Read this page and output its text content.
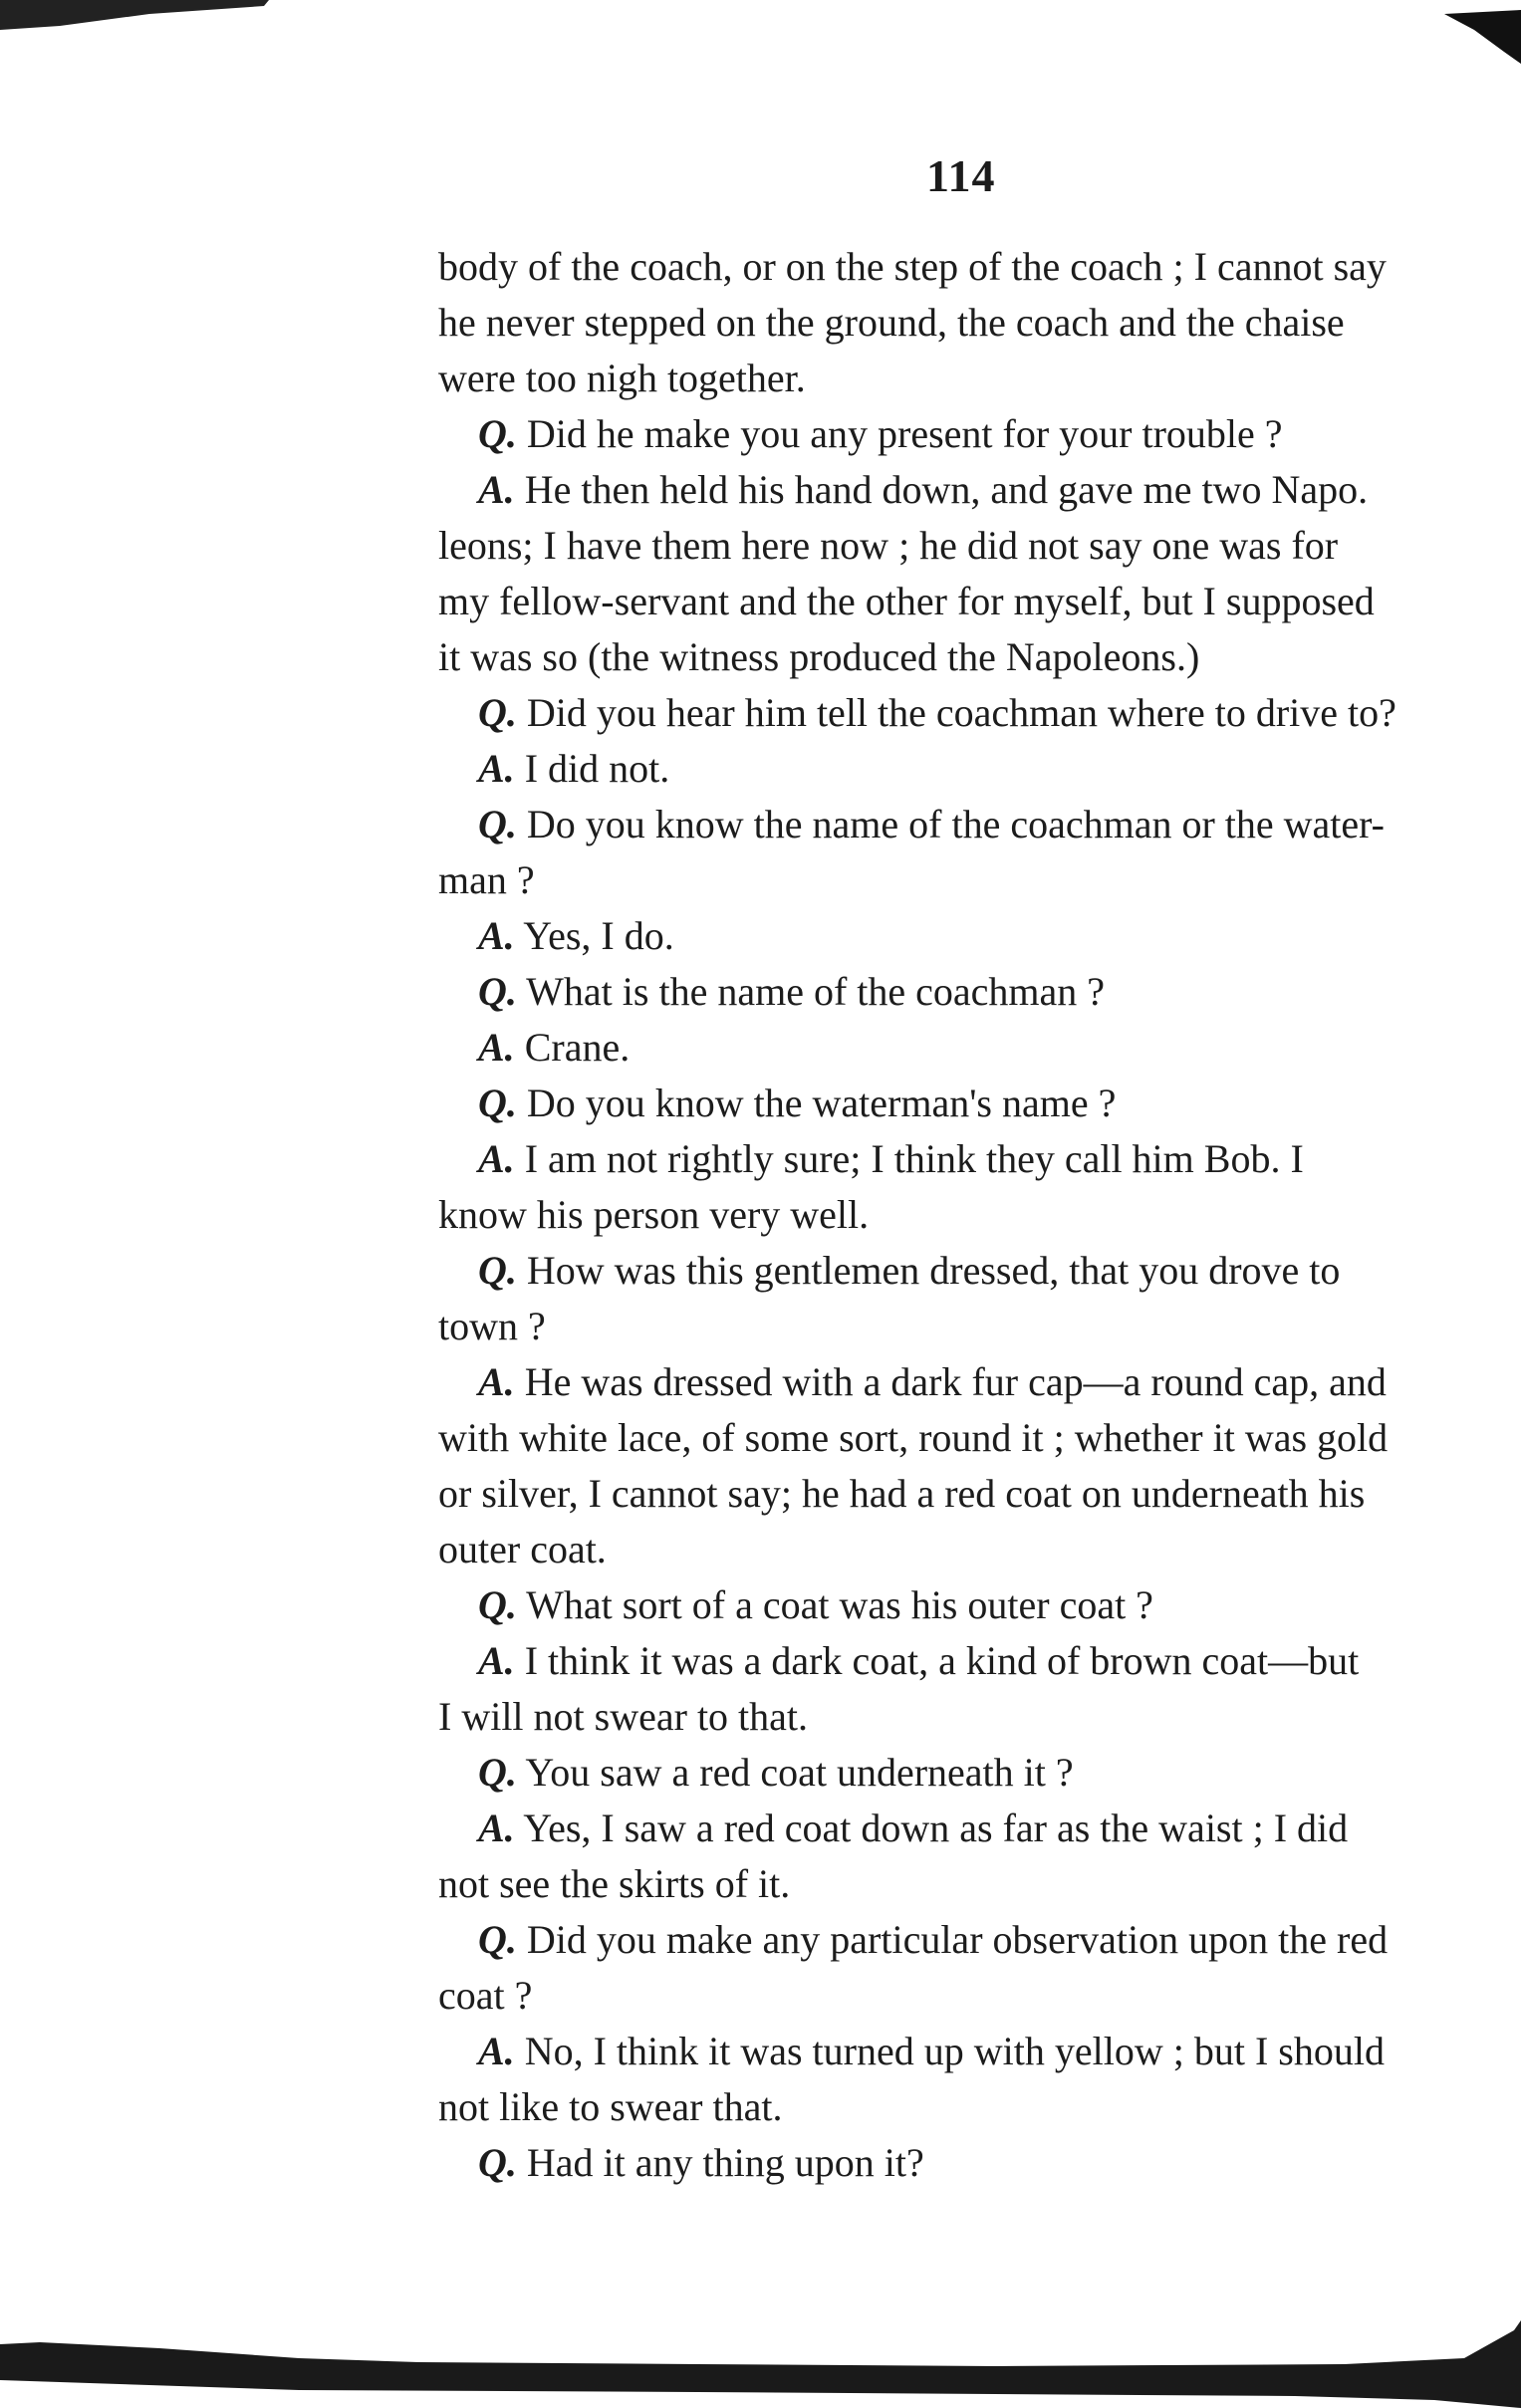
114
body of the coach, or on the step of the coach ; I cannot say
he never stepped on the ground, the coach and the chaise
were too nigh together.
Q. Did he make you any present for your trouble ?
A. He then held his hand down, and gave me two Napo.
leons; I have them here now ; he did not say one was for
my fellow-servant and the other for myself, but I supposed
it was so (the witness produced the Napoleons.)
Q. Did you hear him tell the coachman where to drive to?
A. I did not.
Q. Do you know the name of the coachman or the water-
man ?
A. Yes, I do.
Q. What is the name of the coachman ?
A. Crane.
Q. Do you know the waterman's name ?
A. I am not rightly sure; I think they call him Bob. I
know his person very well.
Q. How was this gentlemen dressed, that you drove to
town ?
A. He was dressed with a dark fur cap—a round cap, and
with white lace, of some sort, round it ; whether it was gold
or silver, I cannot say; he had a red coat on underneath his
outer coat.
Q. What sort of a coat was his outer coat ?
A. I think it was a dark coat, a kind of brown coat—but
I will not swear to that.
Q. You saw a red coat underneath it ?
A. Yes, I saw a red coat down as far as the waist ; I did
not see the skirts of it.
Q. Did you make any particular observation upon the red
coat ?
A. No, I think it was turned up with yellow ; but I should
not like to swear that.
Q. Had it any thing upon it?
